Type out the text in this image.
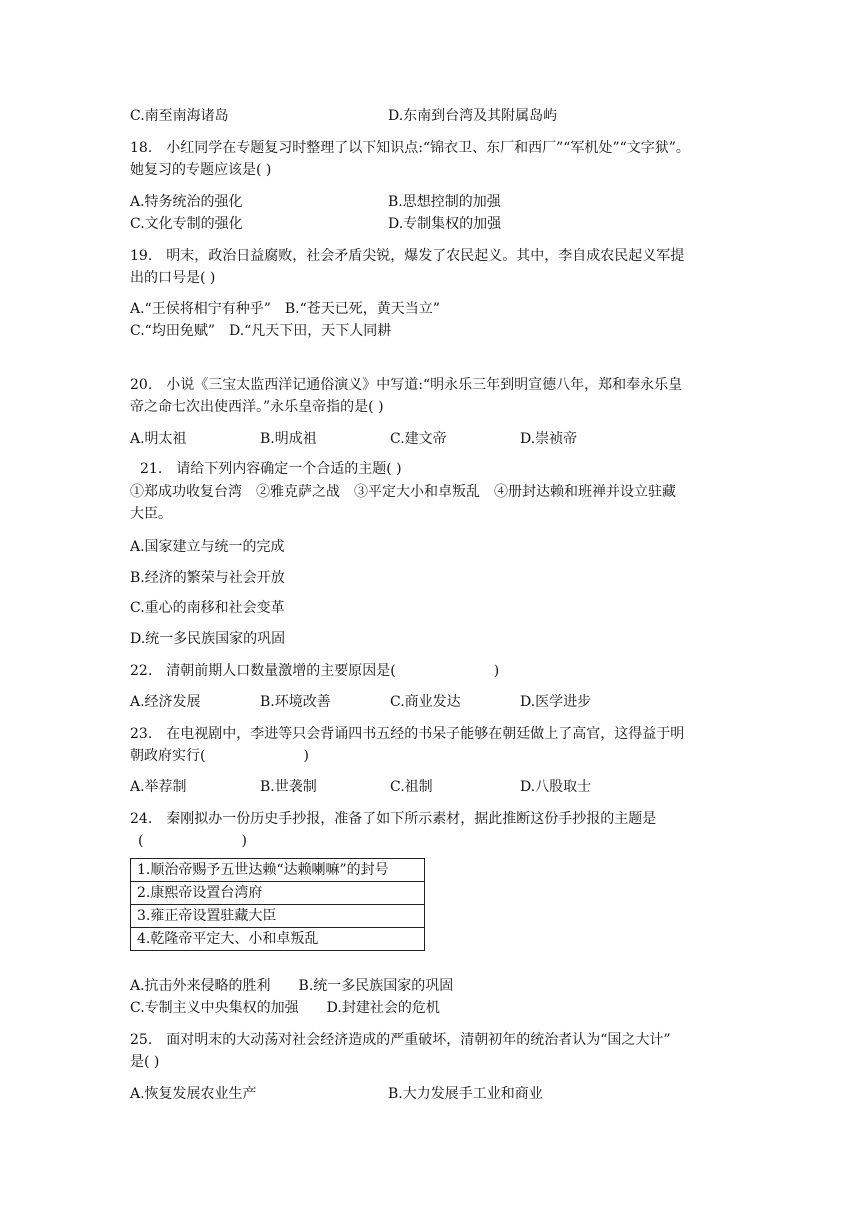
C.南至南海诸岛	D.东南到台湾及其附属岛屿
18.　小红同学在专题复习时整理了以下知识点:“锦衣卫、东厂和西厂”“军机处”“文字狱”。
她复习的专题应该是( )
A.特务统治的强化	B.思想控制的加强
C.文化专制的强化	D.专制集权的加强
19.　明末，政治日益腐败，社会矛盾尖锐，爆发了农民起义。其中，李自成农民起义军提
出的口号是( )
A.“王侯将相宁有种乎”　B.“苍天已死，黄天当立”
C.“均田免赋”　D.“凡天下田，天下人同耕
20.　小说《三宝太监西洋记通俗演义》中写道:“明永乐三年到明宣德八年，郑和奉永乐皇
帝之命七次出使西洋。”永乐皇帝指的是( )
A.明太祖	B.明成祖	C.建文帝	D.崇祯帝
21.　请给下列内容确定一个合适的主题( )
①郑成功收复台湾　②雅克萨之战　③平定大小和卓叛乱　④册封达赖和班禅并设立驻藏
大臣。
A.国家建立与统一的完成
B.经济的繁荣与社会开放
C.重心的南移和社会变革
D.统一多民族国家的巩固
22.　清朝前期人口数量激增的主要原因是(　　　　　　　)
A.经济发展	B.环境改善	C.商业发达	D.医学进步
23.　在电视剧中，李进等只会背诵四书五经的书呆子能够在朝廷做上了高官，这得益于明
朝政府实行(　　　　　　　)
A.举荐制	B.世袭制	C.祖制	D.八股取士
24.　秦刚拟办一份历史手抄报，准备了如下所示素材，据此推断这份手抄报的主题是
(　　　　　　　)
1.顺治帝赐予五世达赖“达赖喇嘛”的封号
2.康熙帝设置台湾府
3.雍正帝设置驻藏大臣
4.乾隆帝平定大、小和卓叛乱
A.抗击外来侵略的胜利　　B.统一多民族国家的巩固
C.专制主义中央集权的加强　　D.封建社会的危机
25.　面对明末的大动荡对社会经济造成的严重破坏，清朝初年的统治者认为“国之大计”
是( )
A.恢复发展农业生产	B.大力发展手工业和商业
